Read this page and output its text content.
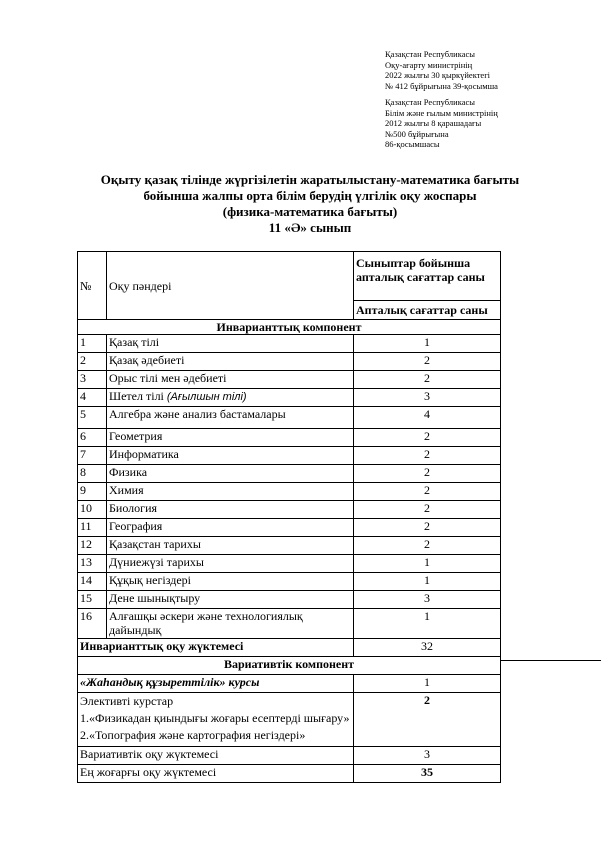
Қазақстан Республикасы
Оқу-ағарту министрінің
2022 жылғы 30 қыркүйектегі
№ 412 бұйрығына 39-қосымша
Қазақстан Республикасы
Білім және ғылым министрінің
2012 жылғы 8 қарашадағы
№500 бұйрығына
86-қосымшасы
Оқыту қазақ тілінде жүргізілетін жаратылыстану-математика бағыты
бойынша жалпы орта білім берудің үлгілік оқу жоспары
(физика-математика бағыты)
11 «Ә» сынып
№	Оқу пәндері	Сыныптар бойынша апталық сағаттар саны
		Апталық сағаттар саны
Инварианттық компонент		
1	Қазақ тілі	1
2	Қазақ әдебиеті	2
3	Орыс тілі мен әдебиеті	2
4	Шетел тілі (Ағылшын тілі)	3
5	Алгебра және анализ бастамалары	4
6	Геометрия	2
7	Информатика	2
8	Физика	2
9	Химия	2
10	Биология	2
11	География	2
12	Қазақстан тарихы	2
13	Дүниежүзі тарихы	1
14	Құқық негіздері	1
15	Дене шынықтыру	3
16	Алғашқы әскери және технологиялық дайындық	1
Инварианттық оқу жүктемесі		32
Вариативтік компонент		
«Жаһандық құзыреттілік» курсы		1

Элективті курстар
1.«Физикадан қиындығы жоғары есептерді шығару»
2.«Топография және картография негіздері»		2
Вариативтік оқу жүктемесі		3
Ең жоғарғы оқу жүктемесі		35
